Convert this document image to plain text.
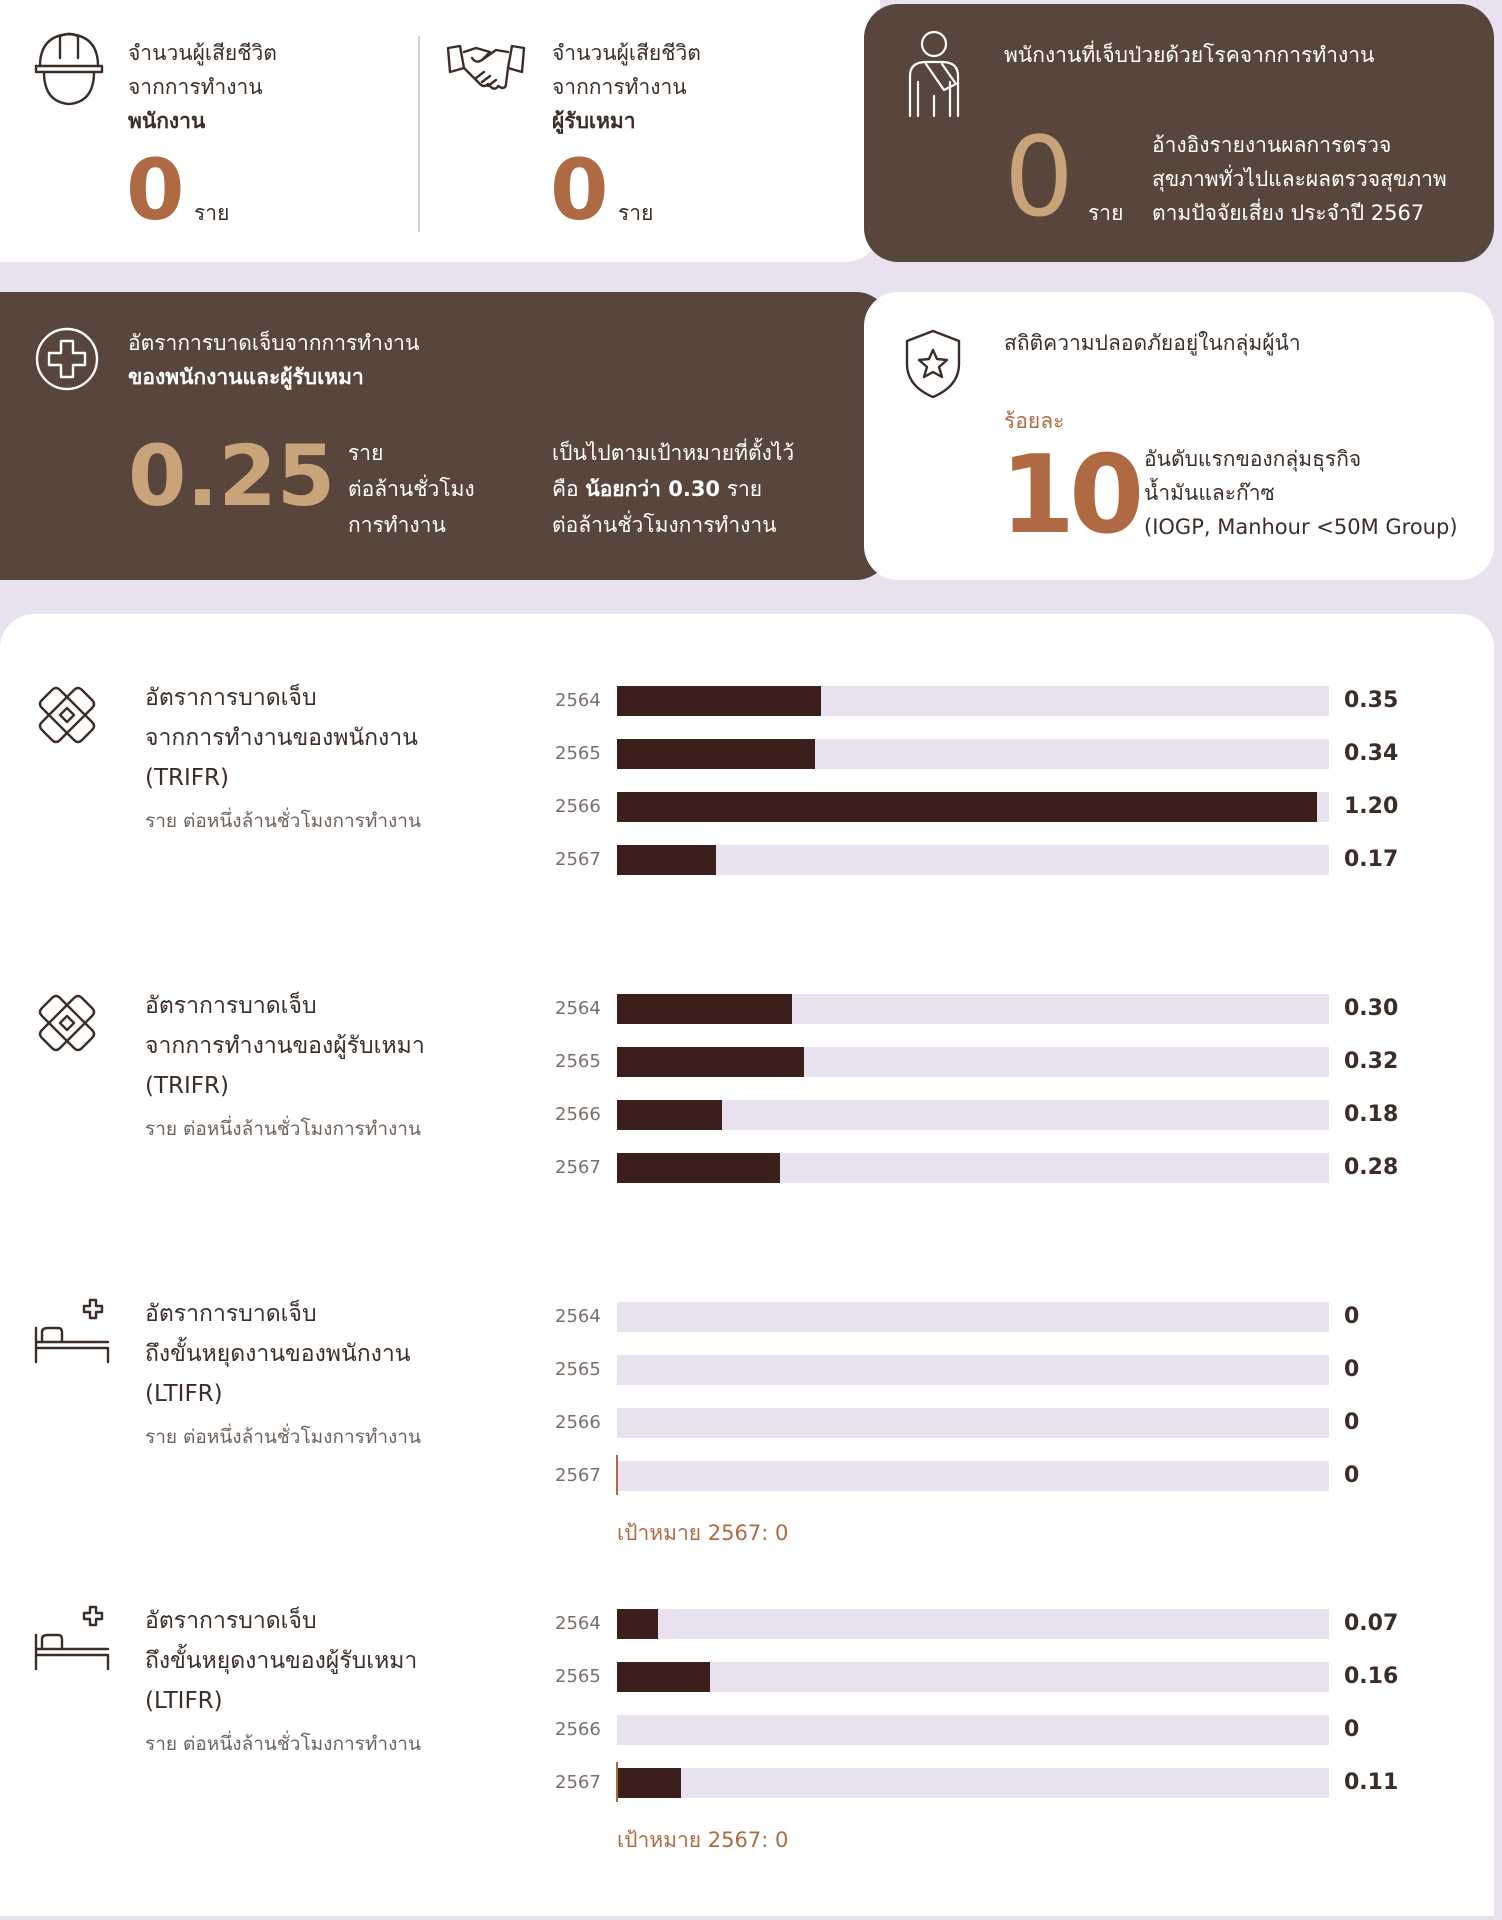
จำนวนผู้เสียชีวิต
จากการทำงาน
พนักงาน
0 ราย
จำนวนผู้เสียชีวิต
จากการทำงาน
ผู้รับเหมา
0 ราย
พนักงานที่เจ็บป่วยด้วยโรคจากการทำงาน
0 ราย
อ้างอิงรายงานผลการตรวจ
สุขภาพทั่วไปและผลตรวจสุขภาพ
ตามปัจจัยเสี่ยง ประจำปี 2567
อัตราการบาดเจ็บจากการทำงาน
ของพนักงานและผู้รับเหมา
0.25 ราย
ต่อล้านชั่วโมง
การทำงาน
เป็นไปตามเป้าหมายที่ตั้งไว้
คือ น้อยกว่า 0.30 ราย
ต่อล้านชั่วโมงการทำงาน
สถิติความปลอดภัยอยู่ในกลุ่มผู้นำ
ร้อยละ
10 อันดับแรกของกลุ่มธุรกิจ
น้ำมันและก๊าซ
(IOGP, Manhour <50M Group)
อัตราการบาดเจ็บ
จากการทำงานของพนักงาน
(TRIFR)
ราย ต่อหนึ่งล้านชั่วโมงการทำงาน
2564	0.35
2565	0.34
2566	1.20
2567	0.17
อัตราการบาดเจ็บ
จากการทำงานของผู้รับเหมา
(TRIFR)
ราย ต่อหนึ่งล้านชั่วโมงการทำงาน
2564	0.30
2565	0.32
2566	0.18
2567	0.28
อัตราการบาดเจ็บ
ถึงขั้นหยุดงานของพนักงาน
(LTIFR)
ราย ต่อหนึ่งล้านชั่วโมงการทำงาน
2564	0
2565	0
2566	0
2567	0
เป้าหมาย 2567: 0
อัตราการบาดเจ็บ
ถึงขั้นหยุดงานของผู้รับเหมา
(LTIFR)
ราย ต่อหนึ่งล้านชั่วโมงการทำงาน
2564	0.07
2565	0.16
2566	0
2567	0.11
เป้าหมาย 2567: 0
